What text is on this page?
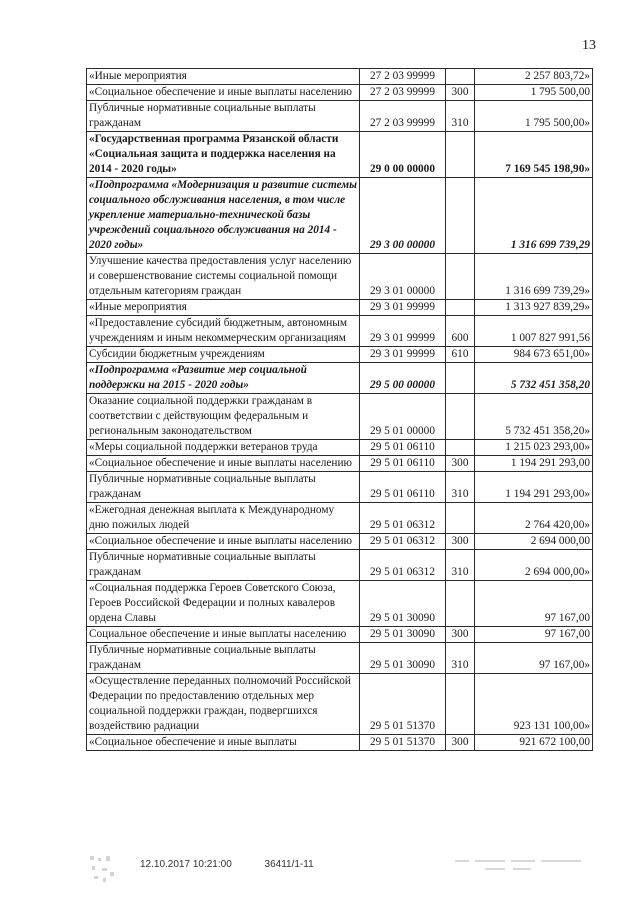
13
«Иные мероприятия	27 2 03 99999		2 257 803,72»
«Социальное обеспечение и иные выплаты населению	27 2 03 99999	300	1 795 500,00
Публичные нормативные социальные выплаты гражданам	27 2 03 99999	310	1 795 500,00»
«Государственная программа Рязанской области «Социальная защита и поддержка населения на 2014 - 2020 годы»	29 0 00 00000		7 169 545 198,90»
«Подпрограмма «Модернизация и развитие системы социального обслуживания населения, в том числе укрепление материально-технической базы учреждений социального обслуживания на 2014 - 2020 годы»	29 3 00 00000		1 316 699 739,29
Улучшение качества предоставления услуг населению и совершенствование системы социальной помощи отдельным категориям граждан	29 3 01 00000		1 316 699 739,29»
«Иные мероприятия	29 3 01 99999		1 313 927 839,29»
«Предоставление субсидий бюджетным, автономным учреждениям и иным некоммерческим организациям	29 3 01 99999	600	1 007 827 991,56
Субсидии бюджетным учреждениям	29 3 01 99999	610	984 673 651,00»
«Подпрограмма «Развитие мер социальной поддержки на 2015 - 2020 годы»	29 5 00 00000		5 732 451 358,20
Оказание социальной поддержки гражданам в соответствии с действующим федеральным и региональным законодательством	29 5 01 00000		5 732 451 358,20»
«Меры социальной поддержки ветеранов труда	29 5 01 06110		1 215 023 293,00»
«Социальное обеспечение и иные выплаты населению	29 5 01 06110	300	1 194 291 293,00
Публичные нормативные социальные выплаты гражданам	29 5 01 06110	310	1 194 291 293,00»
«Ежегодная денежная выплата к Международному дню пожилых людей	29 5 01 06312		2 764 420,00»
«Социальное обеспечение и иные выплаты населению	29 5 01 06312	300	2 694 000,00
Публичные нормативные социальные выплаты гражданам	29 5 01 06312	310	2 694 000,00»
«Социальная поддержка Героев Советского Союза, Героев Российской Федерации и полных кавалеров ордена Славы	29 5 01 30090		97 167,00
Социальное обеспечение и иные выплаты населению	29 5 01 30090	300	97 167,00
Публичные нормативные социальные выплаты гражданам	29 5 01 30090	310	97 167,00»
«Осуществление переданных полномочий Российской Федерации по предоставлению отдельных мер социальной поддержки граждан, подвергшихся воздействию радиации	29 5 01 51370		923 131 100,00»
«Социальное обеспечение и иные выплаты	29 5 01 51370	300	921 672 100,00
12.10.2017 10:21:00	36411/1-11
